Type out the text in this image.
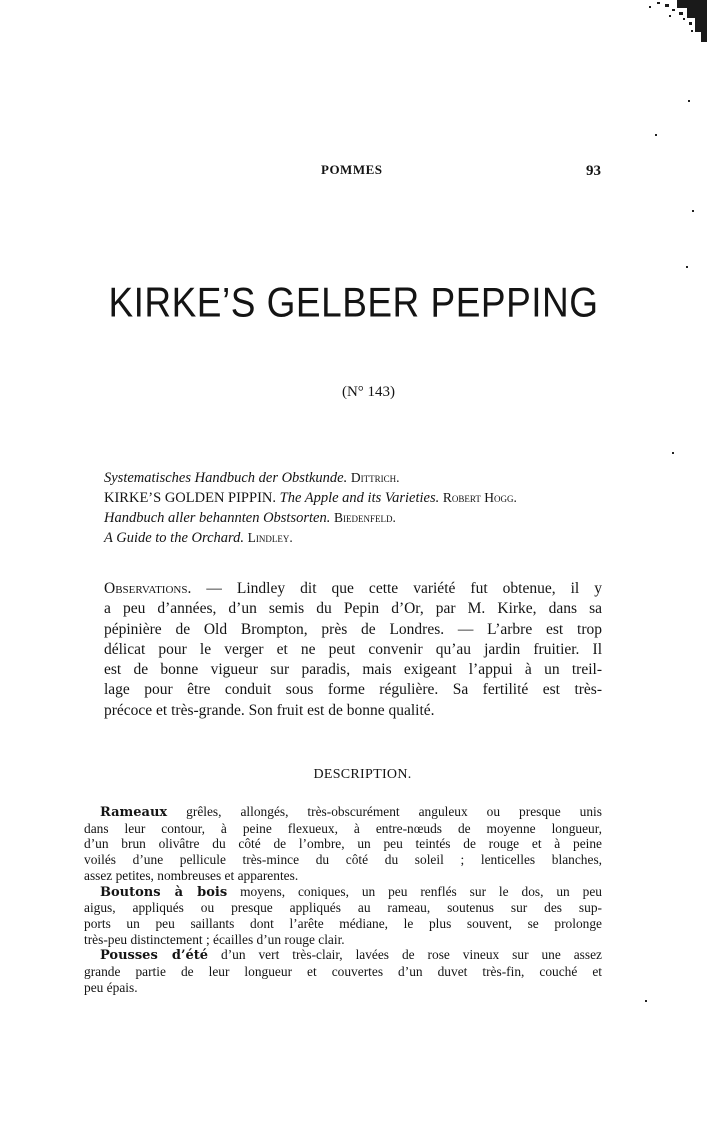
POMMES	93
KIRKE’S GELBER PEPPING
(N° 143)
Systematisches Handbuch der Obstkunde. Dittrich.
KIRKE’S GOLDEN PIPPIN. The Apple and its Varieties. Robert Hogg.
Handbuch aller behannten Obstsorten. Biedenfeld.
A Guide to the Orchard. Lindley.
Observations. — Lindley dit que cette variété fut obtenue, il y
a peu d’années, d’un semis du Pepin d’Or, par M. Kirke, dans sa
pépinière de Old Brompton, près de Londres. — L’arbre est trop
délicat pour le verger et ne peut convenir qu’au jardin fruitier. Il
est de bonne vigueur sur paradis, mais exigeant l’appui à un treil-
lage pour être conduit sous forme régulière. Sa fertilité est très-
précoce et très-grande. Son fruit est de bonne qualité.
DESCRIPTION.
Rameaux grêles, allongés, très-obscurément anguleux ou presque unis
dans leur contour, à peine flexueux, à entre-nœuds de moyenne longueur,
d’un brun olivâtre du côté de l’ombre, un peu teintés de rouge et à peine
voilés d’une pellicule très-mince du côté du soleil ; lenticelles blanches,
assez petites, nombreuses et apparentes.
Boutons à bois moyens, coniques, un peu renflés sur le dos, un peu
aigus, appliqués ou presque appliqués au rameau, soutenus sur des sup-
ports un peu saillants dont l’arête médiane, le plus souvent, se prolonge
très-peu distinctement ; écailles d’un rouge clair.
Pousses d’été d’un vert très-clair, lavées de rose vineux sur une assez
grande partie de leur longueur et couvertes d’un duvet très-fin, couché et
peu épais.
